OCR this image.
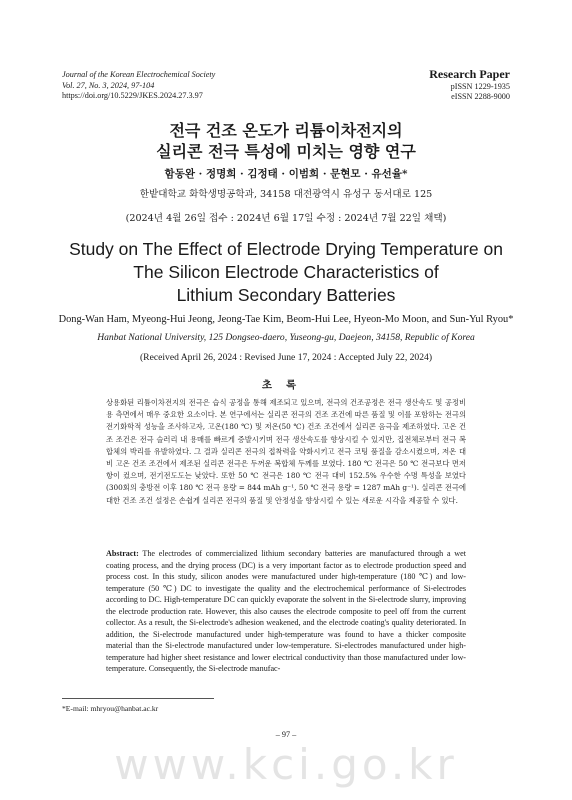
Journal of the Korean Electrochemical Society
Vol. 27, No. 3, 2024, 97-104
https://doi.org/10.5229/JKES.2024.27.3.97
Research Paper
pISSN 1229-1935
eISSN 2288-9000
전극 건조 온도가 리튬이차전지의
실리콘 전극 특성에 미치는 영향 연구
함동완 · 정명희 · 김정태 · 이범희 · 문현모 · 유선율*
한밭대학교 화학생명공학과, 34158 대전광역시 유성구 동서대로 125
(2024년 4월 26일 접수 : 2024년 6월 17일 수정 : 2024년 7월 22일 채택)
Study on The Effect of Electrode Drying Temperature on
The Silicon Electrode Characteristics of
Lithium Secondary Batteries
Dong-Wan Ham, Myeong-Hui Jeong, Jeong-Tae Kim, Beom-Hui Lee, Hyeon-Mo Moon, and Sun-Yul Ryou*
Hanbat National University, 125 Dongseo-daero, Yuseong-gu, Daejeon, 34158, Republic of Korea
(Received April 26, 2024 : Revised June 17, 2024 : Accepted July 22, 2024)
초록
상용화된 리튬이차전지의 전극은 습식 공정을 통해 제조되고 있으며, 전극의 건조공정은 전극 생산속도 및 공정비용 측면에서 매우 중요한 요소이다. 본 연구에서는 실리콘 전극의 건조 조건에 따른 품질 및 이를 포함하는 전극의 전기화학적 성능을 조사하고자, 고온(180 ℃) 및 저온(50 ℃) 건조 조건에서 실리콘 음극을 제조하였다. 고온 건조 조건은 전극 슬러리 내 용매를 빠르게 증발시키며 전극 생산속도를 향상시킬 수 있지만, 집전체로부터 전극 복합체의 박리를 유발하였다. 그 결과 실리콘 전극의 접착력을 약화시키고 전극 코팅 품질을 감소시켰으며, 저온 대비 고온 건조 조건에서 제조된 실리콘 전극은 두꺼운 복합체 두께를 보였다. 180 ℃ 전극은 50 ℃ 전극보다 면저항이 컸으며, 전기전도도는 낮았다. 또한 50 ℃ 전극은 180 ℃ 전극 대비 152.5% 우수한 수명 특성을 보였다(300회의 충방전 이후 180 ℃ 전극 용량 = 844 mAh g⁻¹, 50 ℃ 전극 용량 = 1287 mAh g⁻¹). 실리콘 전극에 대한 건조 조건 설정은 손쉽게 실리콘 전극의 품질 및 안정성을 향상시킬 수 있는 새로운 시각을 제공할 수 있다.
Abstract: The electrodes of commercialized lithium secondary batteries are manufactured through a wet coating process, and the drying process (DC) is a very important factor as to electrode production speed and process cost. In this study, silicon anodes were manufactured under high-temperature (180 ℃) and low-temperature (50 ℃) DC to investigate the quality and the electrochemical performance of Si-electrodes according to DC. High-temperature DC can quickly evaporate the solvent in the Si-electrode slurry, improving the electrode production rate. However, this also causes the electrode composite to peel off from the current collector. As a result, the Si-electrode's adhesion weakened, and the electrode coating's quality deteriorated. In addition, the Si-electrode manufactured under high-temperature was found to have a thicker composite material than the Si-electrode manufactured under low-temperature. Si-electrodes manufactured under high-temperature had higher sheet resistance and lower electrical conductivity than those manufactured under low-temperature. Consequently, the Si-electrode manufac-
*E-mail: mhryou@hanbat.ac.kr
– 97 –
www.kci.go.kr
